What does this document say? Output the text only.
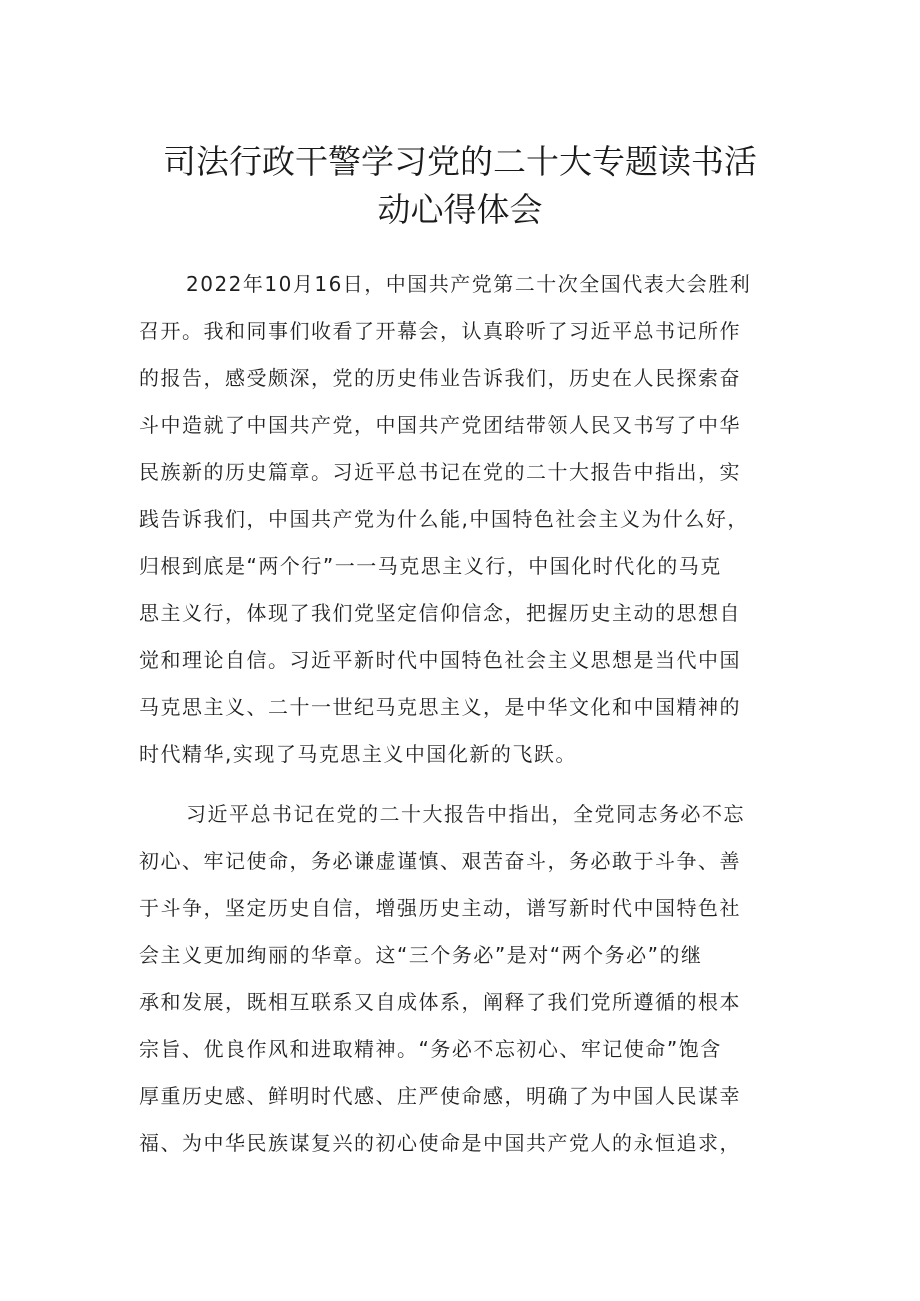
司法行政干警学习党的二十大专题读书活
动心得体会

2022年10月16日，中国共产党第二十次全国代表大会胜利

召开。我和同事们收看了开幕会，认真聆听了习近平总书记所作

的报告，感受颇深，党的历史伟业告诉我们，历史在人民探索奋

斗中造就了中国共产党，中国共产党团结带领人民又书写了中华

民族新的历史篇章。习近平总书记在党的二十大报告中指出，实

践告诉我们，中国共产党为什么能,中国特色社会主义为什么好，

归根到底是“两个行”一一马克思主义行，中国化时代化的马克

思主义行，体现了我们党坚定信仰信念，把握历史主动的思想自

觉和理论自信。习近平新时代中国特色社会主义思想是当代中国

马克思主义、二十一世纪马克思主义，是中华文化和中国精神的

时代精华,实现了马克思主义中国化新的飞跃。

习近平总书记在党的二十大报告中指出，全党同志务必不忘

初心、牢记使命，务必谦虚谨慎、艰苦奋斗，务必敢于斗争、善

于斗争，坚定历史自信，增强历史主动，谱写新时代中国特色社

会主义更加绚丽的华章。这“三个务必”是对“两个务必”的继

承和发展，既相互联系又自成体系，阐释了我们党所遵循的根本

宗旨、优良作风和进取精神。“务必不忘初心、牢记使命”饱含

厚重历史感、鲜明时代感、庄严使命感，明确了为中国人民谋幸

福、为中华民族谋复兴的初心使命是中国共产党人的永恒追求，
